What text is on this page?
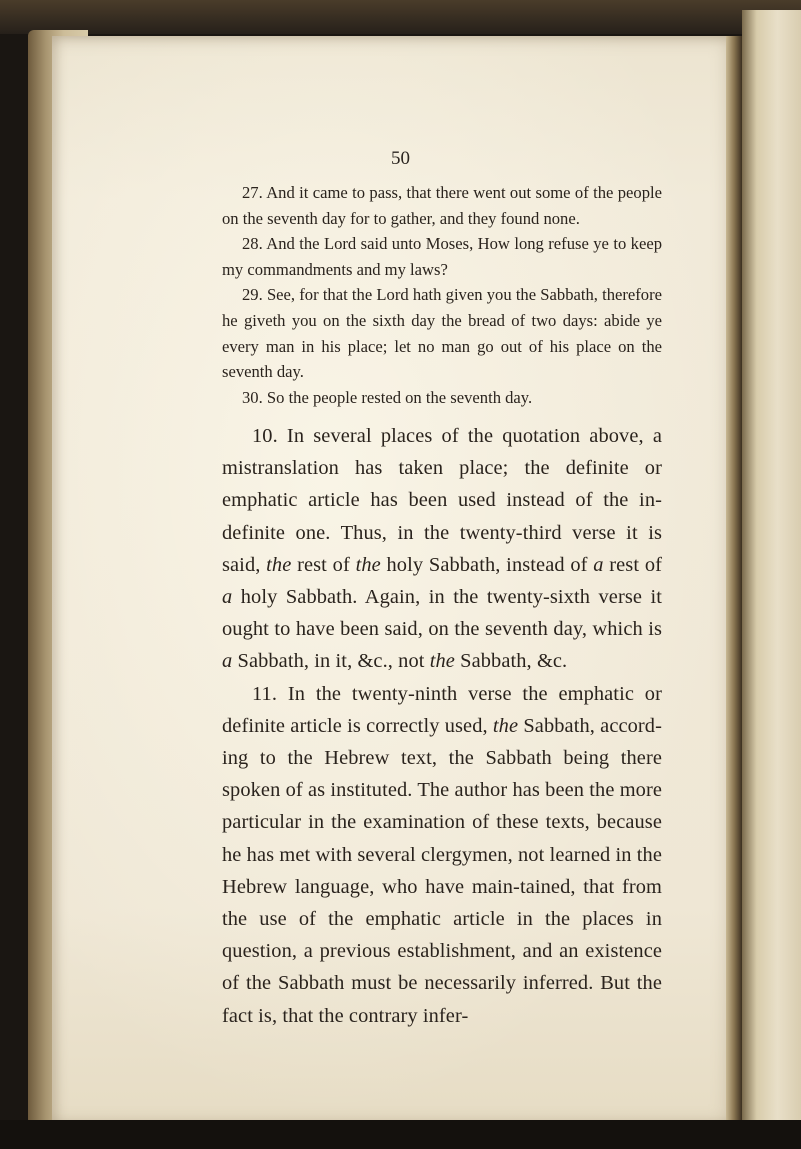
50

27. And it came to pass, that there went out some of the people on the seventh day for to gather, and they found none.

28. And the Lord said unto Moses, How long refuse ye to keep my commandments and my laws?

29. See, for that the Lord hath given you the Sabbath, therefore he giveth you on the sixth day the bread of two days: abide ye every man in his place; let no man go out of his place on the seventh day.

30. So the people rested on the seventh day.

10. In several places of the quotation above, a mistranslation has taken place; the definite or emphatic article has been used instead of the in-definite one. Thus, in the twenty-third verse it is said, the rest of the holy Sabbath, instead of a rest of a holy Sabbath. Again, in the twenty-sixth verse it ought to have been said, on the seventh day, which is a Sabbath, in it, &c., not the Sabbath, &c.

11. In the twenty-ninth verse the emphatic or definite article is correctly used, the Sabbath, accord-ing to the Hebrew text, the Sabbath being there spoken of as instituted. The author has been the more particular in the examination of these texts, because he has met with several clergymen, not learned in the Hebrew language, who have main-tained, that from the use of the emphatic article in the places in question, a previous establishment, and an existence of the Sabbath must be necessarily inferred. But the fact is, that the contrary infer-
